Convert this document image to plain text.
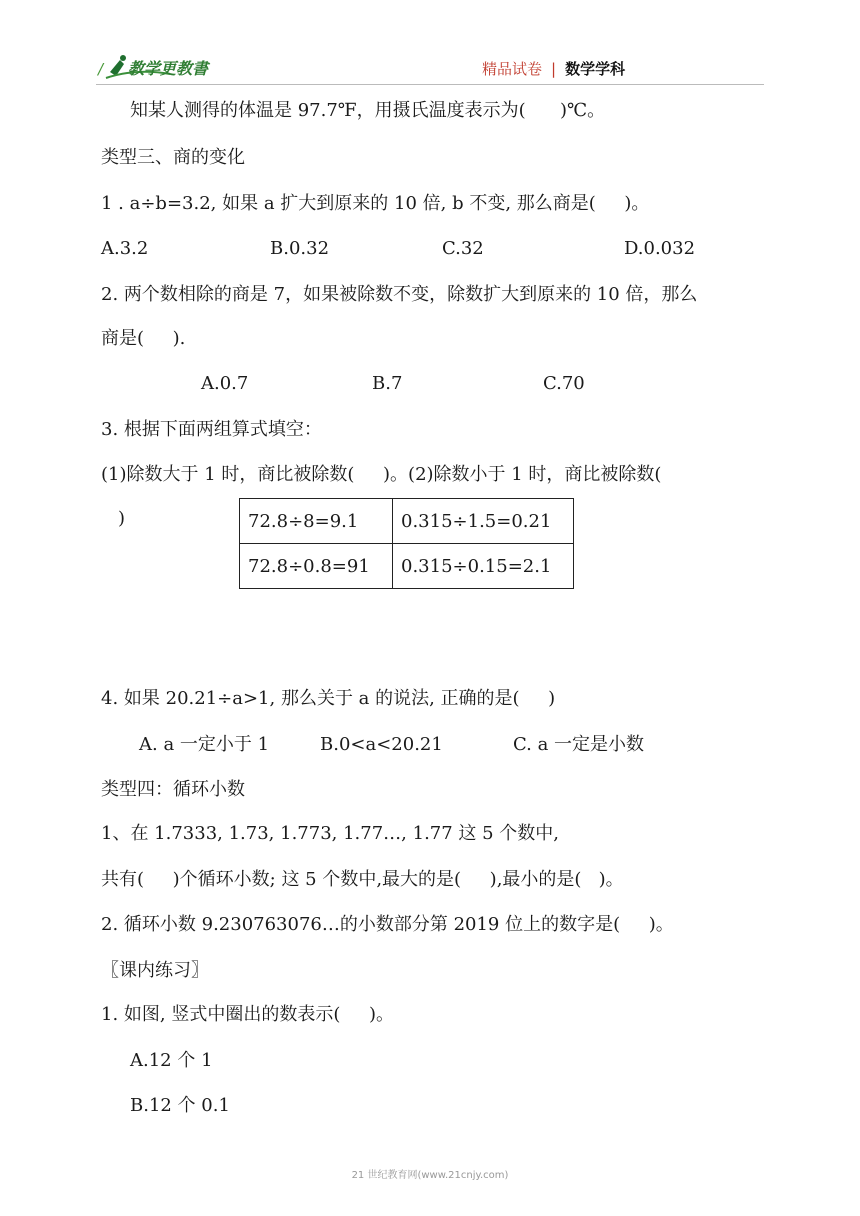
/ 教学更教書	精品试卷 | 数学学科
知某人测得的体温是 97.7℉，用摄氏温度表示为(      )℃。
类型三、商的变化
1 . a÷b=3.2, 如果 a 扩大到原来的 10 倍, b 不变, 那么商是(     )。
A.3.2	B.0.32	C.32	D.0.032
2. 两个数相除的商是 7，如果被除数不变，除数扩大到原来的 10 倍，那么
商是(     ).
A.0.7	B.7	C.70
3. 根据下面两组算式填空：
(1)除数大于 1 时，商比被除数(     )。(2)除数小于 1 时，商比被除数(
)	72.8÷8=9.1	0.315÷1.5=0.21
72.8÷0.8=91	0.315÷0.15=2.1
4. 如果 20.21÷a>1, 那么关于 a 的说法, 正确的是(     )
A. a 一定小于 1	B.0<a<20.21	C. a 一定是小数
类型四：循环小数
1、在 1.7333, 1.73, 1.773, 1.77…, 1.77 这 5 个数中,
共有(     )个循环小数; 这 5 个数中,最大的是(     ),最小的是(   )。
2. 循环小数 9.230763076…的小数部分第 2019 位上的数字是(     )。
〖课内练习〗
1. 如图, 竖式中圈出的数表示(     )。
A.12 个 1
B.12 个 0.1
21 世纪教育网(www.21cnjy.com)
